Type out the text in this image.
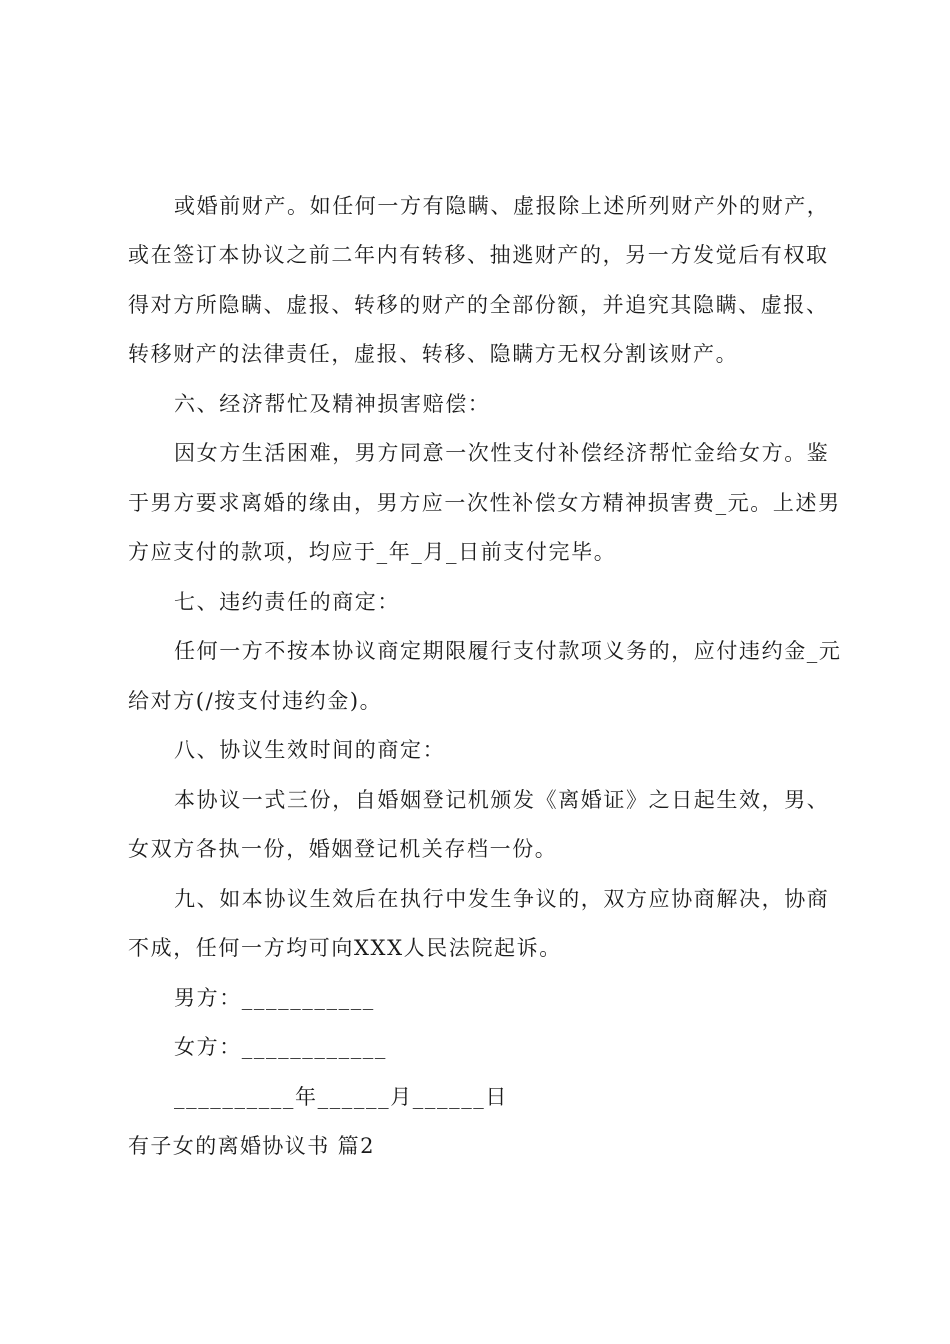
或婚前财产。如任何一方有隐瞒、虚报除上述所列财产外的财产，
或在签订本协议之前二年内有转移、抽逃财产的，另一方发觉后有权取
得对方所隐瞒、虚报、转移的财产的全部份额，并追究其隐瞒、虚报、
转移财产的法律责任，虚报、转移、隐瞒方无权分割该财产。
六、经济帮忙及精神损害赔偿：
因女方生活困难，男方同意一次性支付补偿经济帮忙金给女方。鉴
于男方要求离婚的缘由，男方应一次性补偿女方精神损害费_元。上述男
方应支付的款项，均应于_年_月_日前支付完毕。
七、违约责任的商定：
任何一方不按本协议商定期限履行支付款项义务的，应付违约金_元
给对方(/按支付违约金)。
八、协议生效时间的商定：
本协议一式三份，自婚姻登记机颁发《离婚证》之日起生效，男、
女双方各执一份，婚姻登记机关存档一份。
九、如本协议生效后在执行中发生争议的，双方应协商解决，协商
不成，任何一方均可向XXX人民法院起诉。
男方：___________
女方：____________
__________年______月______日
有子女的离婚协议书 篇2
